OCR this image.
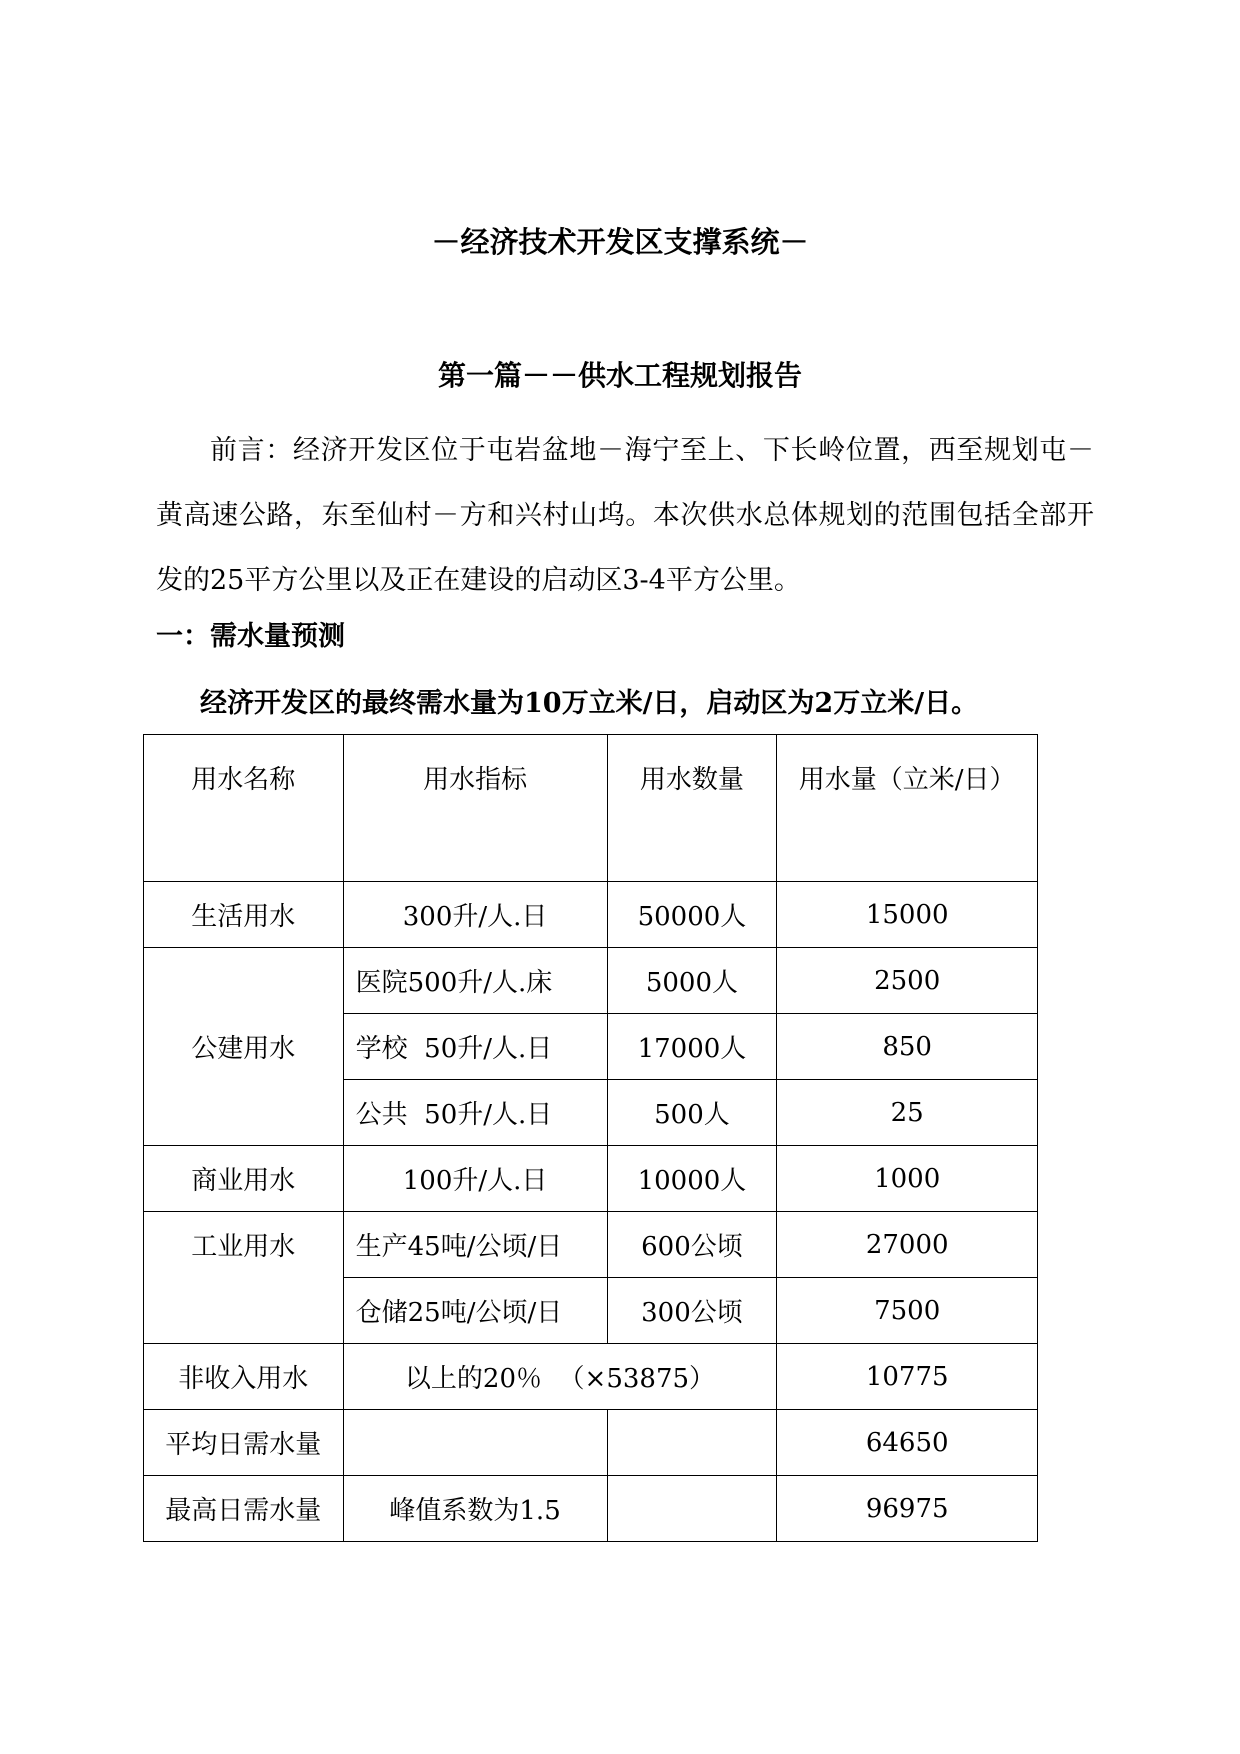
－经济技术开发区支撑系统－
第一篇－－供水工程规划报告

前言：经济开发区位于屯岩盆地－海宁至上、下长岭位置，西至规划屯－黄高速公路，东至仙村－方和兴村山坞。本次供水总体规划的范围包括全部开发的25平方公里以及正在建设的启动区3-4平方公里。

一：需水量预测
经济开发区的最终需水量为10万立米/日，启动区为2万立米/日。
用水名称	用水指标	用水数量	用水量（立米/日）
生活用水	300升/人.日	50000人	15000
公建用水	医院500升/人.床	5000人	2500
	学校  50升/人.日	17000人	850
	公共  50升/人.日	500人	25
商业用水	100升/人.日	10000人	1000
工业用水	生产45吨/公顷/日	600公顷	27000
	仓储25吨/公顷/日	300公顷	7500
非收入用水	以上的20％  （×53875）		10775
平均日需水量			64650
最高日需水量	峰值系数为1.5		96975
